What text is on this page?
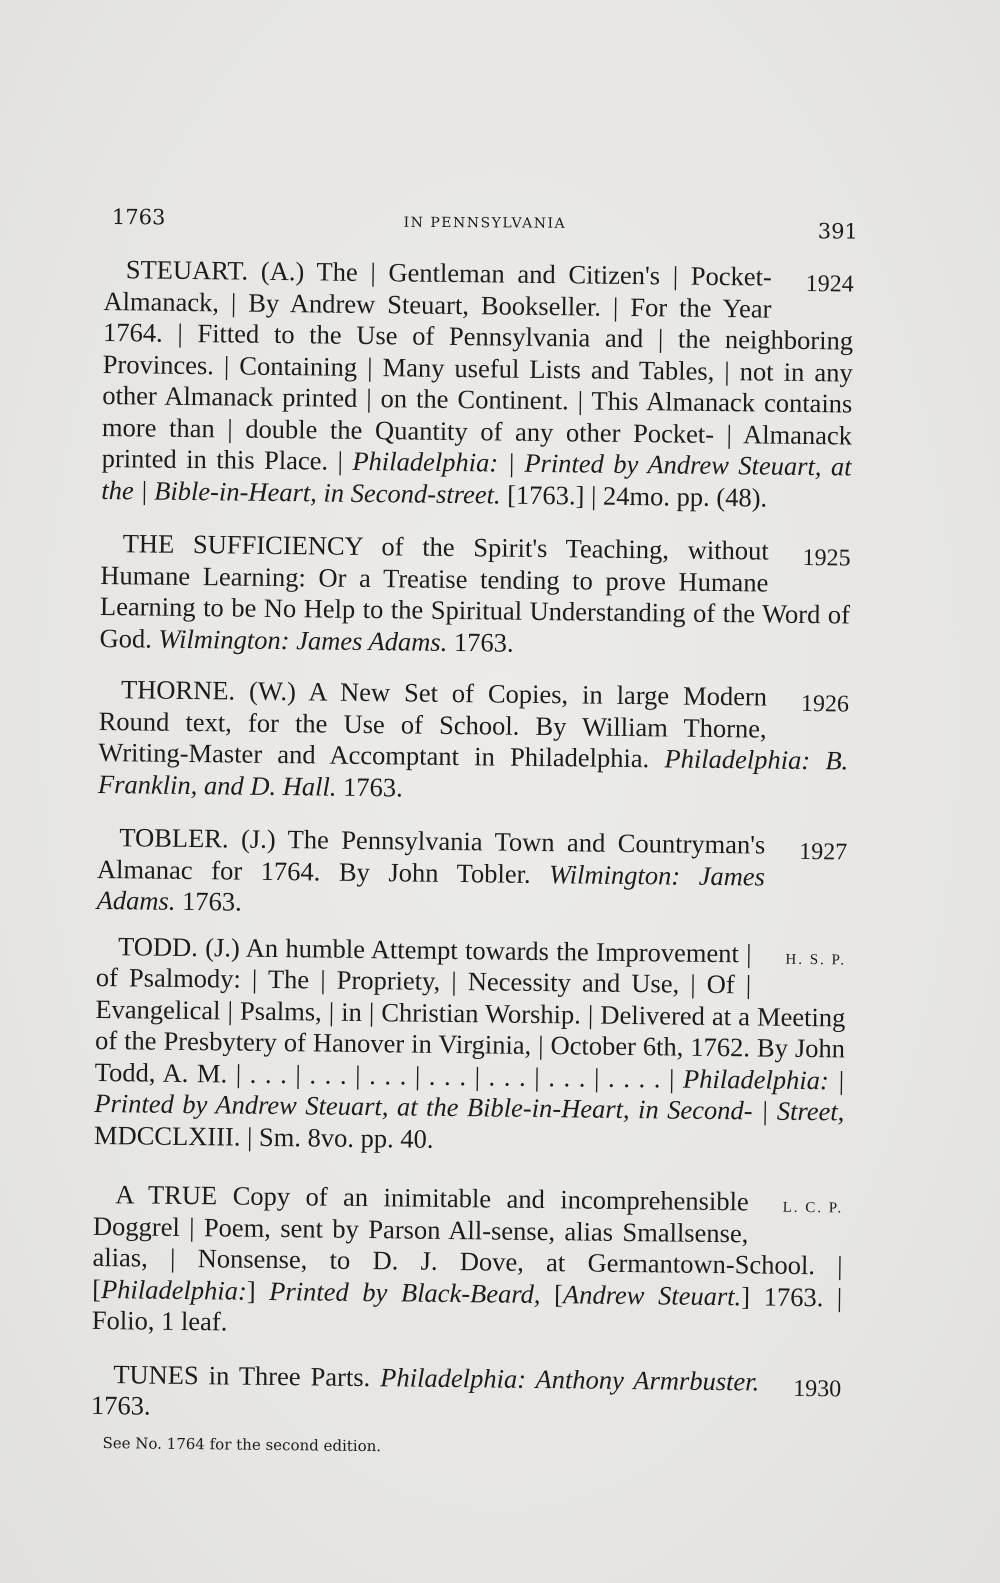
1763	IN PENNSYLVANIA	391

1924
STEUART. (A.) The | Gentleman and Citizen's | Pocket-Almanack, | By Andrew Steuart, Bookseller. | For the Year 1764. | Fitted to the Use of Pennsylvania and | the neighboring Provinces. | Containing | Many useful Lists and Tables, | not in any other Almanack printed | on the Continent. | This Almanack contains more than | double the Quantity of any other Pocket- | Almanack printed in this Place. | Philadelphia: | Printed by Andrew Steuart, at the | Bible-in-Heart, in Second-street. [1763.] | 24mo. pp. (48).

1925
THE SUFFICIENCY of the Spirit's Teaching, without Humane Learning: Or a Treatise tending to prove Humane Learning to be No Help to the Spiritual Understanding of the Word of God. Wilmington: James Adams. 1763.

1926
THORNE. (W.) A New Set of Copies, in large Modern Round text, for the Use of School. By William Thorne, Writing-Master and Accomptant in Philadelphia. Philadelphia: B. Franklin, and D. Hall. 1763.

1927
TOBLER. (J.) The Pennsylvania Town and Countryman's Almanac for 1764. By John Tobler. Wilmington: James Adams. 1763.

H. S. P.
TODD. (J.) An humble Attempt towards the Improvement | of Psalmody: | The | Propriety, | Necessity and Use, | Of | Evangelical | Psalms, | in | Christian Worship. | Delivered at a Meeting of the Presbytery of Hanover in Virginia, | October 6th, 1762. By John Todd, A. M. | . . . | . . . | . . . | . . . | . . . | . . . | . . . . | Philadelphia: | Printed by Andrew Steuart, at the Bible-in-Heart, in Second- | Street, MDCCLXIII. | Sm. 8vo. pp. 40.

L. C. P.
A TRUE Copy of an inimitable and incomprehensible Doggrel | Poem, sent by Parson All-sense, alias Smallsense, alias, | Nonsense, to D. J. Dove, at Germantown-School. | [Philadelphia:] Printed by Black-Beard, [Andrew Steuart.] 1763. | Folio, 1 leaf.

1930
TUNES in Three Parts. Philadelphia: Anthony Armrbuster. 1763.

See No. 1764 for the second edition.
